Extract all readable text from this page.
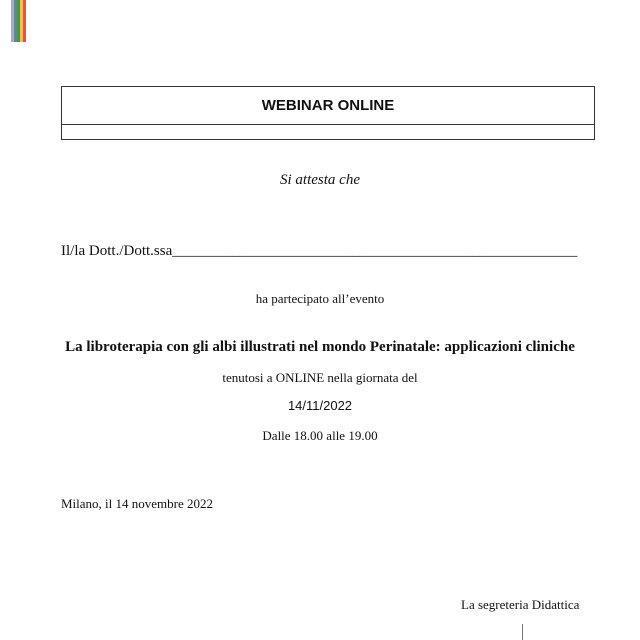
WEBINAR ONLINE
Si attesta che
Il/la Dott./Dott.ssa______________________________________________________
ha partecipato all’evento
La libroterapia con gli albi illustrati nel mondo Perinatale: applicazioni cliniche
tenutosi a ONLINE nella giornata del
14/11/2022
Dalle 18.00 alle 19.00
Milano, il 14 novembre 2022
La segreteria Didattica
